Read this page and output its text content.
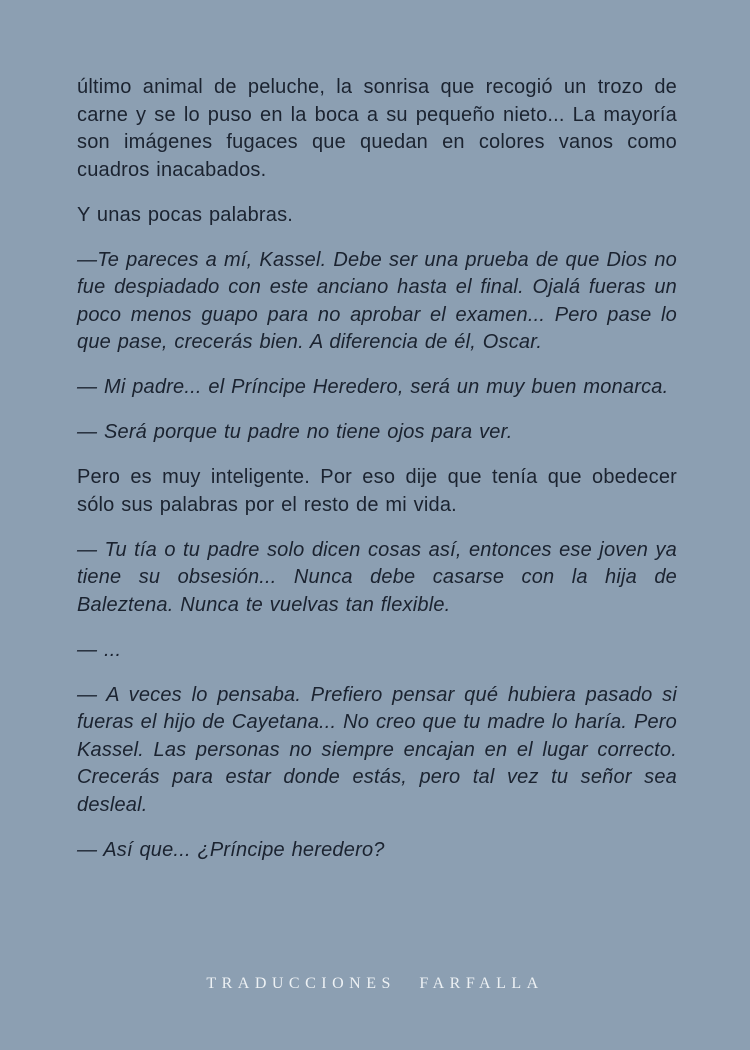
último animal de peluche, la sonrisa que recogió un trozo de carne y se lo puso en la boca a su pequeño nieto... La mayoría son imágenes fugaces que quedan en colores vanos como cuadros inacabados.

Y unas pocas palabras.

—Te pareces a mí, Kassel. Debe ser una prueba de que Dios no fue despiadado con este anciano hasta el final. Ojalá fueras un poco menos guapo para no aprobar el examen... Pero pase lo que pase, crecerás bien. A diferencia de él, Oscar.

— Mi padre... el Príncipe Heredero, será un muy buen monarca.

— Será porque tu padre no tiene ojos para ver.

Pero es muy inteligente. Por eso dije que tenía que obedecer sólo sus palabras por el resto de mi vida.

— Tu tía o tu padre solo dicen cosas así, entonces ese joven ya tiene su obsesión... Nunca debe casarse con la hija de Baleztena. Nunca te vuelvas tan flexible.

— ...

— A veces lo pensaba. Prefiero pensar qué hubiera pasado si fueras el hijo de Cayetana... No creo que tu madre lo haría. Pero Kassel. Las personas no siempre encajan en el lugar correcto. Crecerás para estar donde estás, pero tal vez tu señor sea desleal.

— Así que... ¿Príncipe heredero?

TRADUCCIONES FARFALLA
